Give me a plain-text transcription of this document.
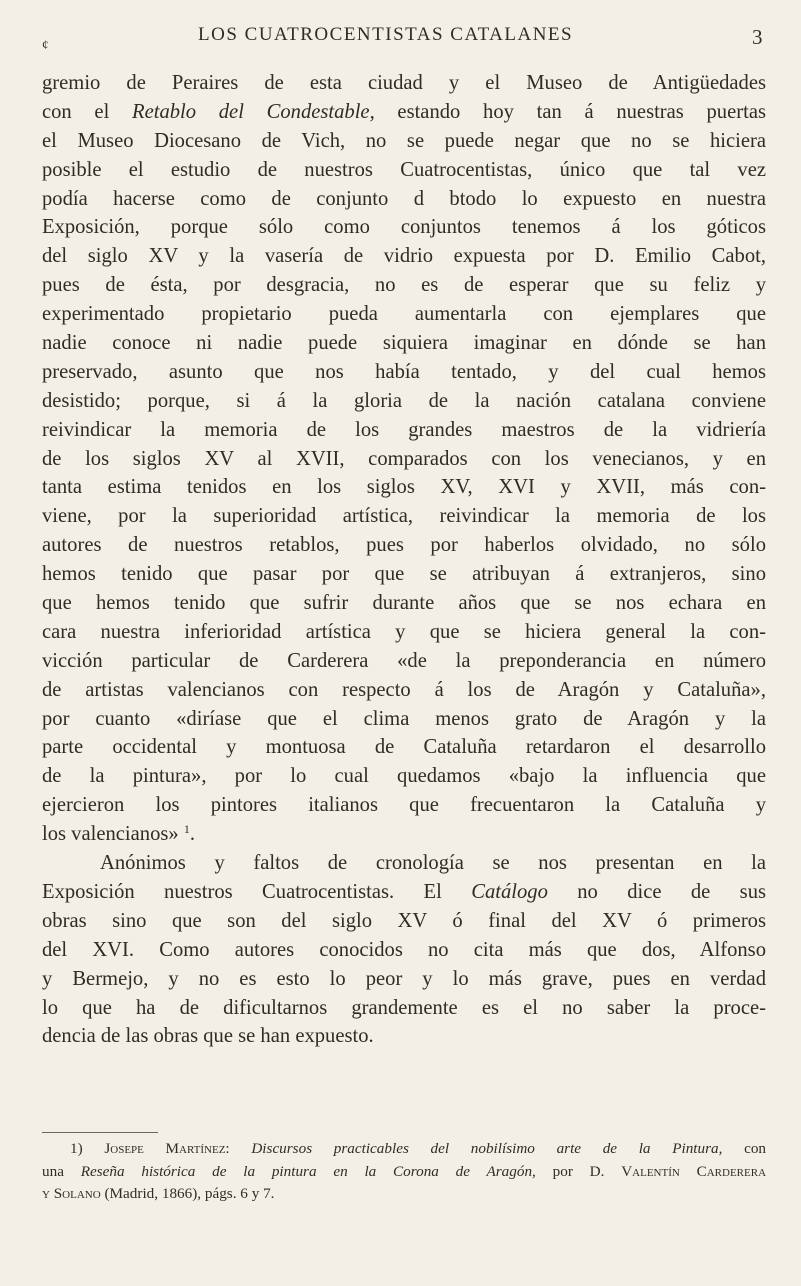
LOS CUATROCENTISTAS CATALANES	3
¢
gremio de Peraires de esta ciudad y el Museo de Antigüedades
con el Retablo del Condestable, estando hoy tan á nuestras puertas
el Museo Diocesano de Vich, no se puede negar que no se hiciera
posible el estudio de nuestros Cuatrocentistas, único que tal vez
podía hacerse como de conjunto d btodo lo expuesto en nuestra
Exposición, porque sólo como conjuntos tenemos á los góticos
del siglo XV y la vasería de vidrio expuesta por D. Emilio Cabot,
pues de ésta, por desgracia, no es de esperar que su feliz y
experimentado propietario pueda aumentarla con ejemplares que
nadie conoce ni nadie puede siquiera imaginar en dónde se han
preservado, asunto que nos había tentado, y del cual hemos
desistido; porque, si á la gloria de la nación catalana conviene
reivindicar la memoria de los grandes maestros de la vidriería
de los siglos XV al XVII, comparados con los venecianos, y en
tanta estima tenidos en los siglos XV, XVI y XVII, más con-
viene, por la superioridad artística, reivindicar la memoria de los
autores de nuestros retablos, pues por haberlos olvidado, no sólo
hemos tenido que pasar por que se atribuyan á extranjeros, sino
que hemos tenido que sufrir durante años que se nos echara en
cara nuestra inferioridad artística y que se hiciera general la con-
vicción particular de Carderera «de la preponderancia en número
de artistas valencianos con respecto á los de Aragón y Cataluña»,
por cuanto «diríase que el clima menos grato de Aragón y la
parte occidental y montuosa de Cataluña retardaron el desarrollo
de la pintura», por lo cual quedamos «bajo la influencia que
ejercieron los pintores italianos que frecuentaron la Cataluña y
los valencianos» $^1$.
Anónimos y faltos de cronología se nos presentan en la
Exposición nuestros Cuatrocentistas. El Catálogo no dice de sus
obras sino que son del siglo XV ó final del XV ó primeros
del XVI. Como autores conocidos no cita más que dos, Alfonso
y Bermejo, y no es esto lo peor y lo más grave, pues en verdad
lo que ha de dificultarnos grandemente es el no saber la proce-
dencia de las obras que se han expuesto.
1) Josepe Martínez: Discursos practicables del nobilísimo arte de la Pintura, con
una Reseña histórica de la pintura en la Corona de Aragón, por D. Valentín Carderera
y Solano (Madrid, 1866), págs. 6 y 7.
